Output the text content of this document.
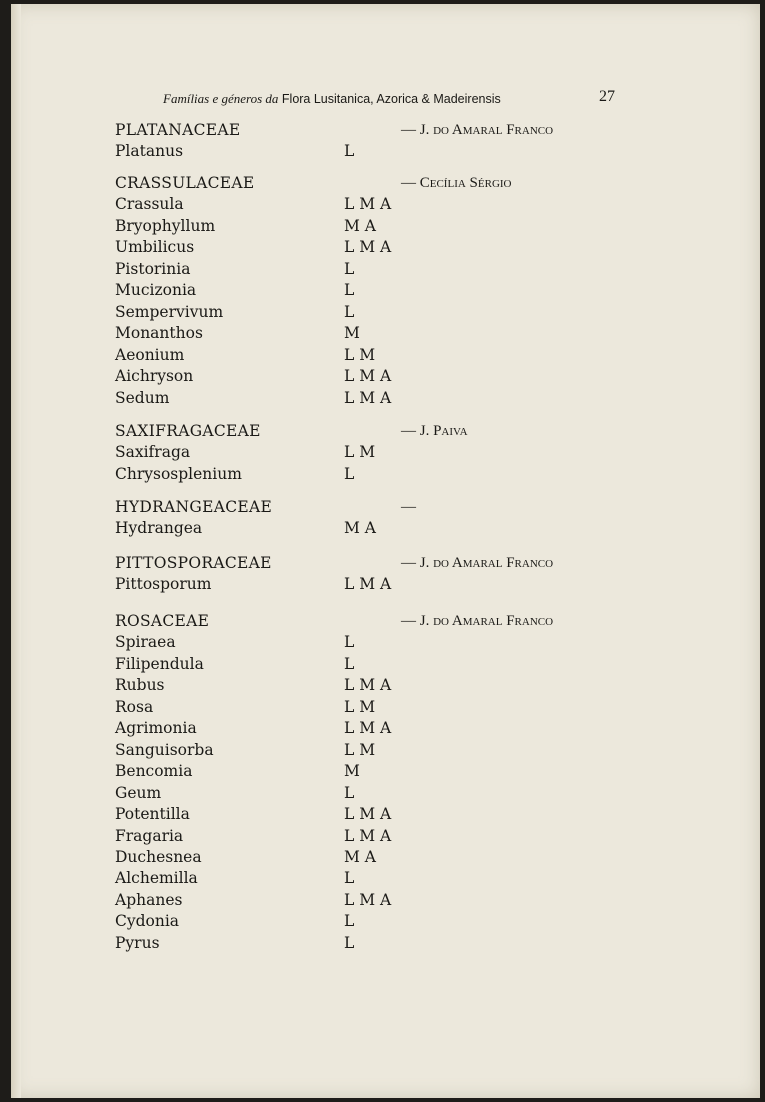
Famílias e géneros da Flora Lusitanica, Azorica & Madeirensis	27
PLATANACEAE	— J. do Amaral Franco
Platanus	L
CRASSULACEAE	— Cecília Sérgio
Crassula	L M A
Bryophyllum	M A
Umbilicus	L M A
Pistorinia	L
Mucizonia	L
Sempervivum	L
Monanthos	M
Aeonium	L M
Aichryson	L M A
Sedum	L M A
SAXIFRAGACEAE	— J. Paiva
Saxifraga	L M
Chrysosplenium	L
HYDRANGEACEAE	—
Hydrangea	M A
PITTOSPORACEAE	— J. do Amaral Franco
Pittosporum	L M A
ROSACEAE	— J. do Amaral Franco
Spiraea	L
Filipendula	L
Rubus	L M A
Rosa	L M
Agrimonia	L M A
Sanguisorba	L M
Bencomia	M
Geum	L
Potentilla	L M A
Fragaria	L M A
Duchesnea	M A
Alchemilla	L
Aphanes	L M A
Cydonia	L
Pyrus	L
